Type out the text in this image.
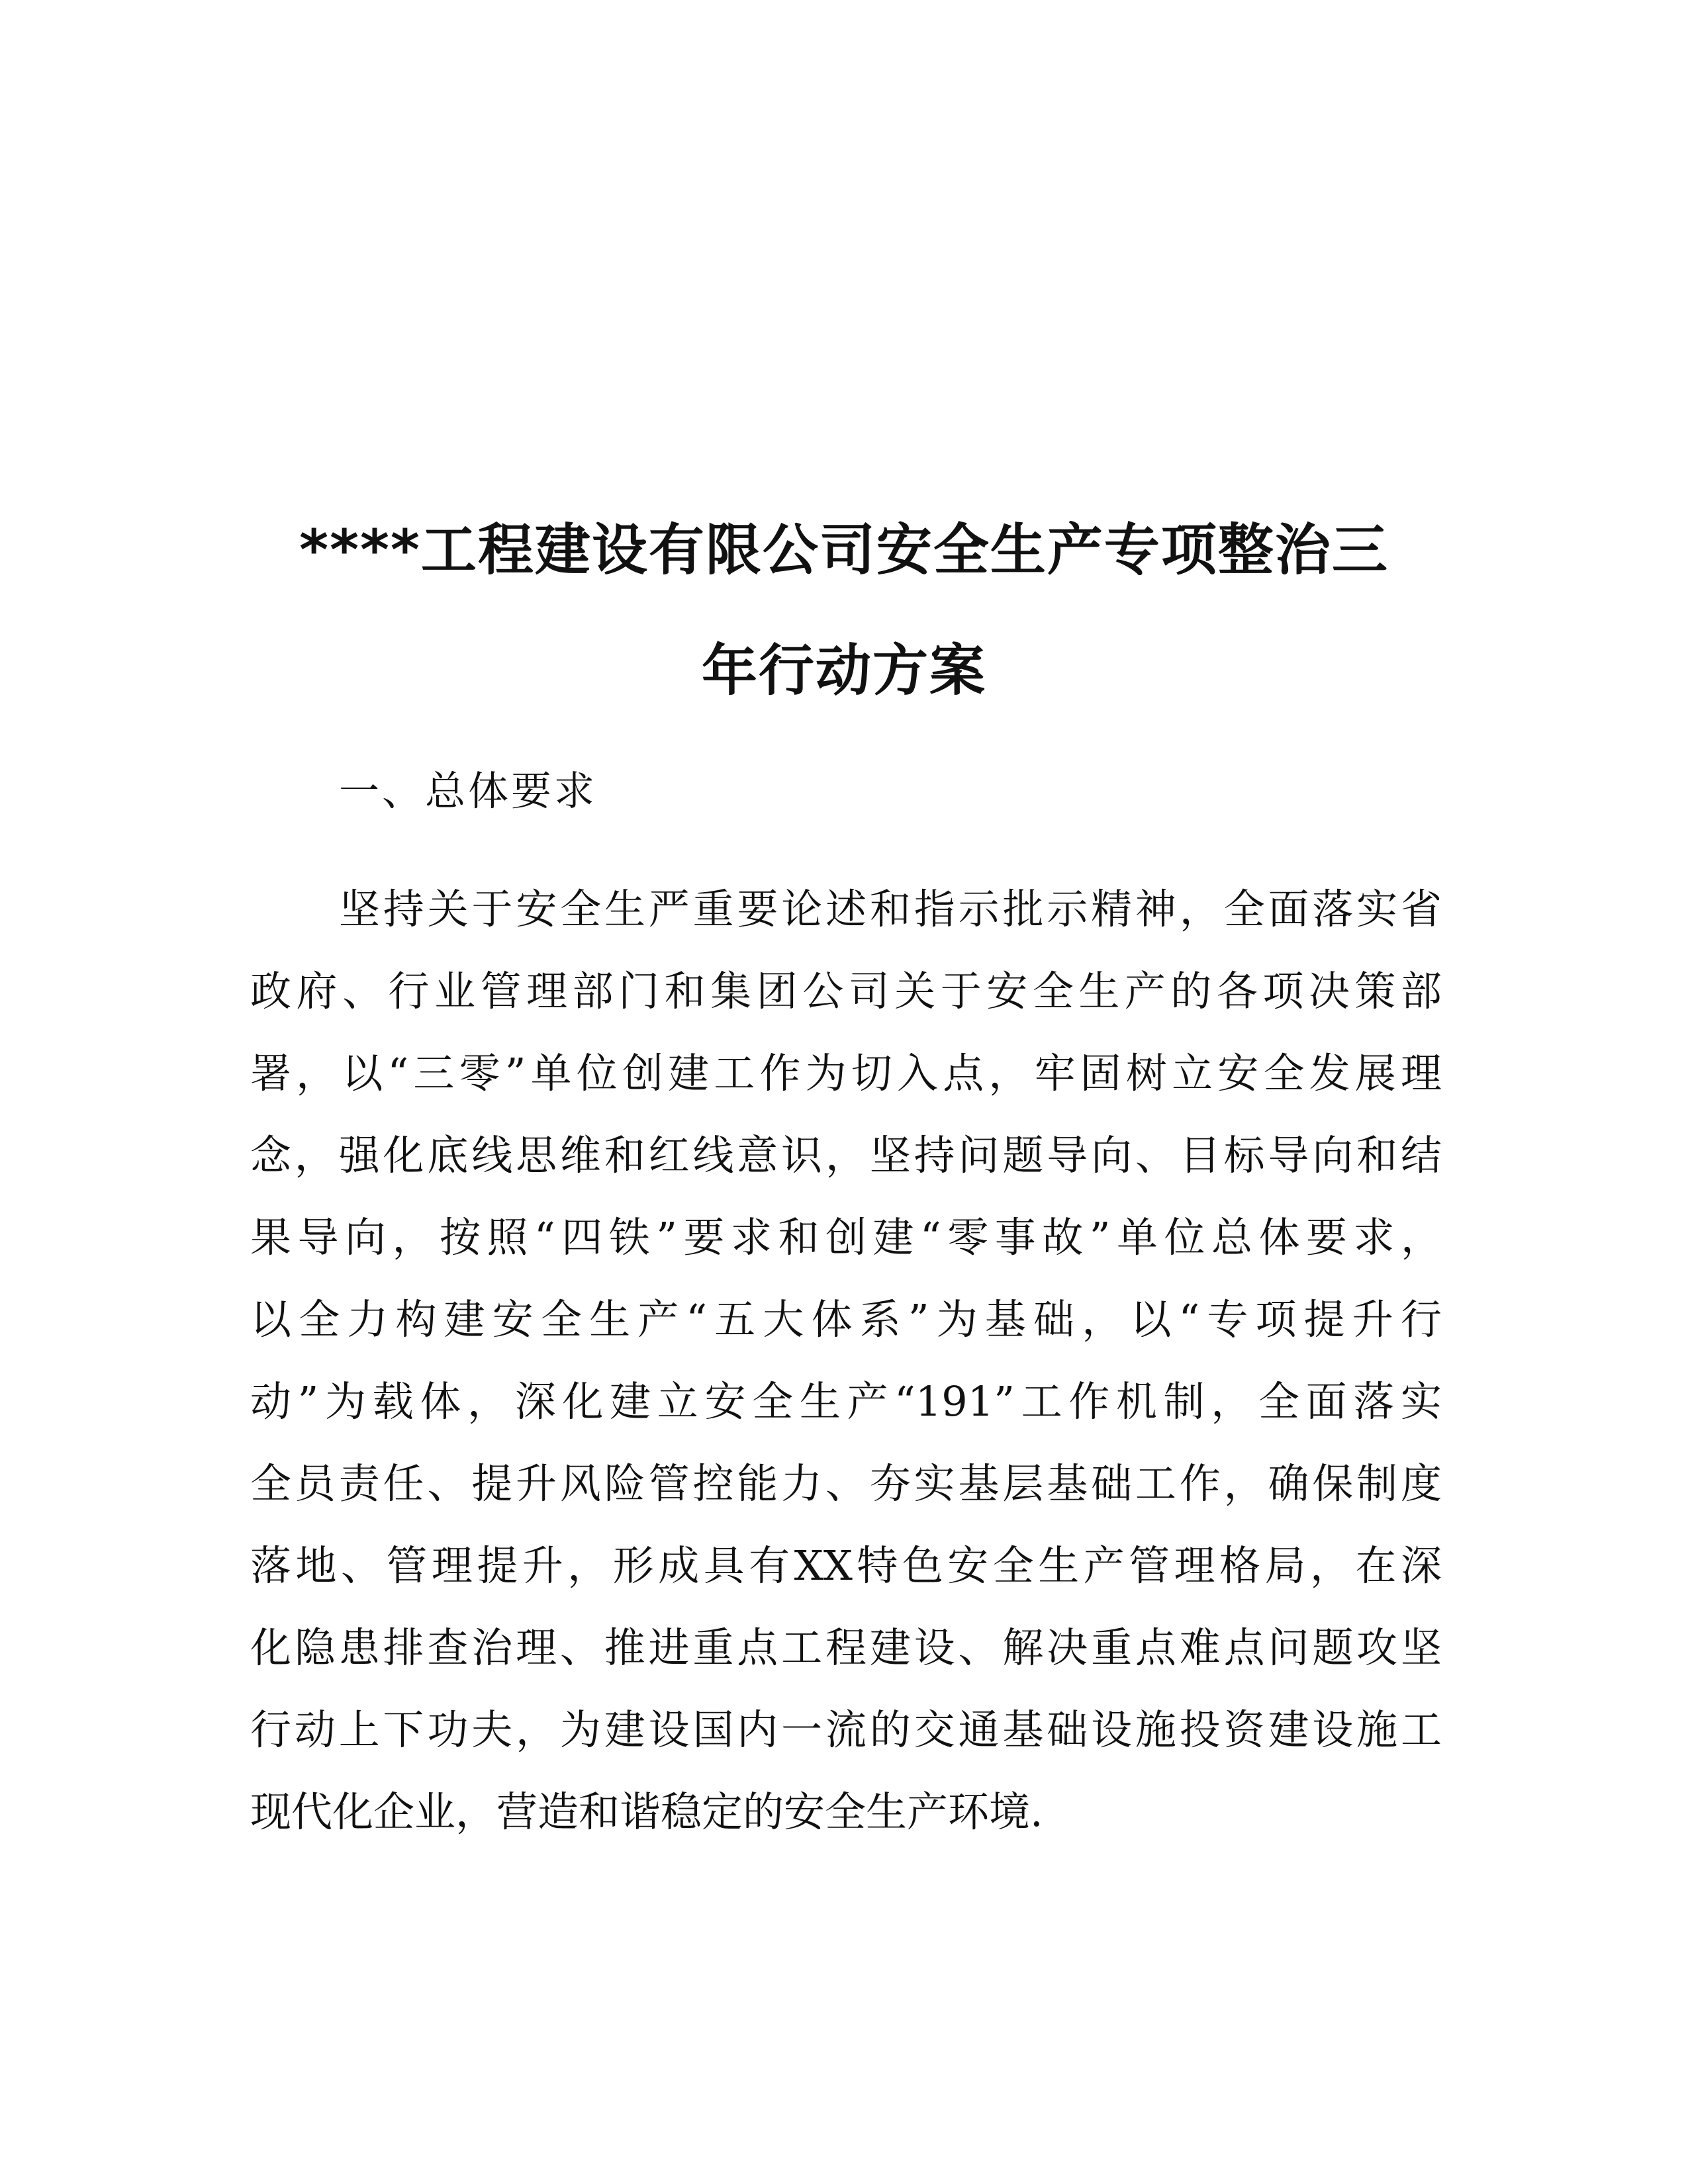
****工程建设有限公司安全生产专项整治三
年行动方案
一、总体要求
坚持关于安全生严重要论述和指示批示精神，全面落实省
政府、行业管理部门和集团公司关于安全生产的各项决策部
署，以“三零”单位创建工作为切入点，牢固树立安全发展理
念，强化底线思维和红线意识，坚持问题导向、目标导向和结
果导向，按照“四铁”要求和创建“零事故”单位总体要求，
以全力构建安全生产“五大体系”为基础，以“专项提升行
动”为载体，深化建立安全生产“191”工作机制，全面落实
全员责任、提升风险管控能力、夯实基层基础工作，确保制度
落地、管理提升，形成具有XX特色安全生产管理格局，在深
化隐患排查治理、推进重点工程建设、解决重点难点问题攻坚
行动上下功夫，为建设国内一流的交通基础设施投资建设施工
现代化企业，营造和谐稳定的安全生产环境.
